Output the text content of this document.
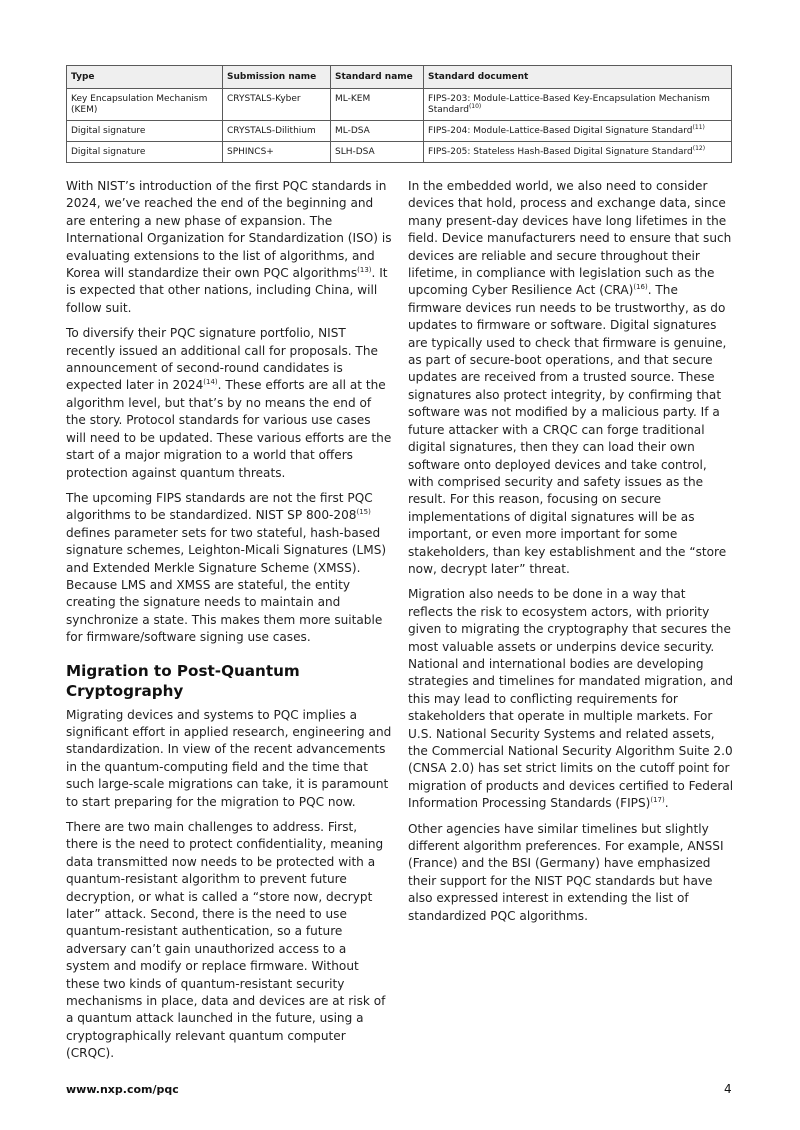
Type	Submission name	Standard name	Standard document
Key Encapsulation Mechanism (KEM)	CRYSTALS-Kyber	ML-KEM	FIPS-203: Module-Lattice-Based Key-Encapsulation Mechanism Standard$^{(10)}$
Digital signature	CRYSTALS-Dilithium	ML-DSA	FIPS-204: Module-Lattice-Based Digital Signature Standard$^{(11)}$
Digital signature	SPHINCS+	SLH-DSA	FIPS-205: Stateless Hash-Based Digital Signature Standard$^{(12)}$

With NIST’s introduction of the first PQC standards in 2024, we’ve reached the end of the beginning and are entering a new phase of expansion. The International Organization for Standardization (ISO) is evaluating extensions to the list of algorithms, and Korea will standardize their own PQC algorithms$^{(13)}$. It is expected that other nations, including China, will follow suit.

To diversify their PQC signature portfolio, NIST recently issued an additional call for proposals. The announcement of second-round candidates is expected later in 2024$^{(14)}$. These efforts are all at the algorithm level, but that’s by no means the end of the story. Protocol standards for various use cases will need to be updated. These various efforts are the start of a major migration to a world that offers protection against quantum threats.

The upcoming FIPS standards are not the first PQC algorithms to be standardized. NIST SP 800-208$^{(15)}$ defines parameter sets for two stateful, hash-based signature schemes, Leighton-Micali Signatures (LMS) and Extended Merkle Signature Scheme (XMSS). Because LMS and XMSS are stateful, the entity creating the signature needs to maintain and synchronize a state. This makes them more suitable for firmware/software signing use cases.

Migration to Post-Quantum Cryptography

Migrating devices and systems to PQC implies a significant effort in applied research, engineering and standardization. In view of the recent advancements in the quantum-computing field and the time that such large-scale migrations can take, it is paramount to start preparing for the migration to PQC now.

There are two main challenges to address. First, there is the need to protect confidentiality, meaning data transmitted now needs to be protected with a quantum-resistant algorithm to prevent future decryption, or what is called a “store now, decrypt later” attack. Second, there is the need to use quantum-resistant authentication, so a future adversary can’t gain unauthorized access to a system and modify or replace firmware. Without these two kinds of quantum-resistant security mechanisms in place, data and devices are at risk of a quantum attack launched in the future, using a cryptographically relevant quantum computer (CRQC).

In the embedded world, we also need to consider devices that hold, process and exchange data, since many present-day devices have long lifetimes in the field. Device manufacturers need to ensure that such devices are reliable and secure throughout their lifetime, in compliance with legislation such as the upcoming Cyber Resilience Act (CRA)$^{(16)}$. The firmware devices run needs to be trustworthy, as do updates to firmware or software. Digital signatures are typically used to check that firmware is genuine, as part of secure-boot operations, and that secure updates are received from a trusted source. These signatures also protect integrity, by confirming that software was not modified by a malicious party. If a future attacker with a CRQC can forge traditional digital signatures, then they can load their own software onto deployed devices and take control, with comprised security and safety issues as the result. For this reason, focusing on secure implementations of digital signatures will be as important, or even more important for some stakeholders, than key establishment and the “store now, decrypt later” threat.

Migration also needs to be done in a way that reflects the risk to ecosystem actors, with priority given to migrating the cryptography that secures the most valuable assets or underpins device security. National and international bodies are developing strategies and timelines for mandated migration, and this may lead to conflicting requirements for stakeholders that operate in multiple markets. For U.S. National Security Systems and related assets, the Commercial National Security Algorithm Suite 2.0 (CNSA 2.0) has set strict limits on the cutoff point for migration of products and devices certified to Federal Information Processing Standards (FIPS)$^{(17)}$.

Other agencies have similar timelines but slightly different algorithm preferences. For example, ANSSI (France) and the BSI (Germany) have emphasized their support for the NIST PQC standards but have also expressed interest in extending the list of standardized PQC algorithms.

www.nxp.com/pqc	4
